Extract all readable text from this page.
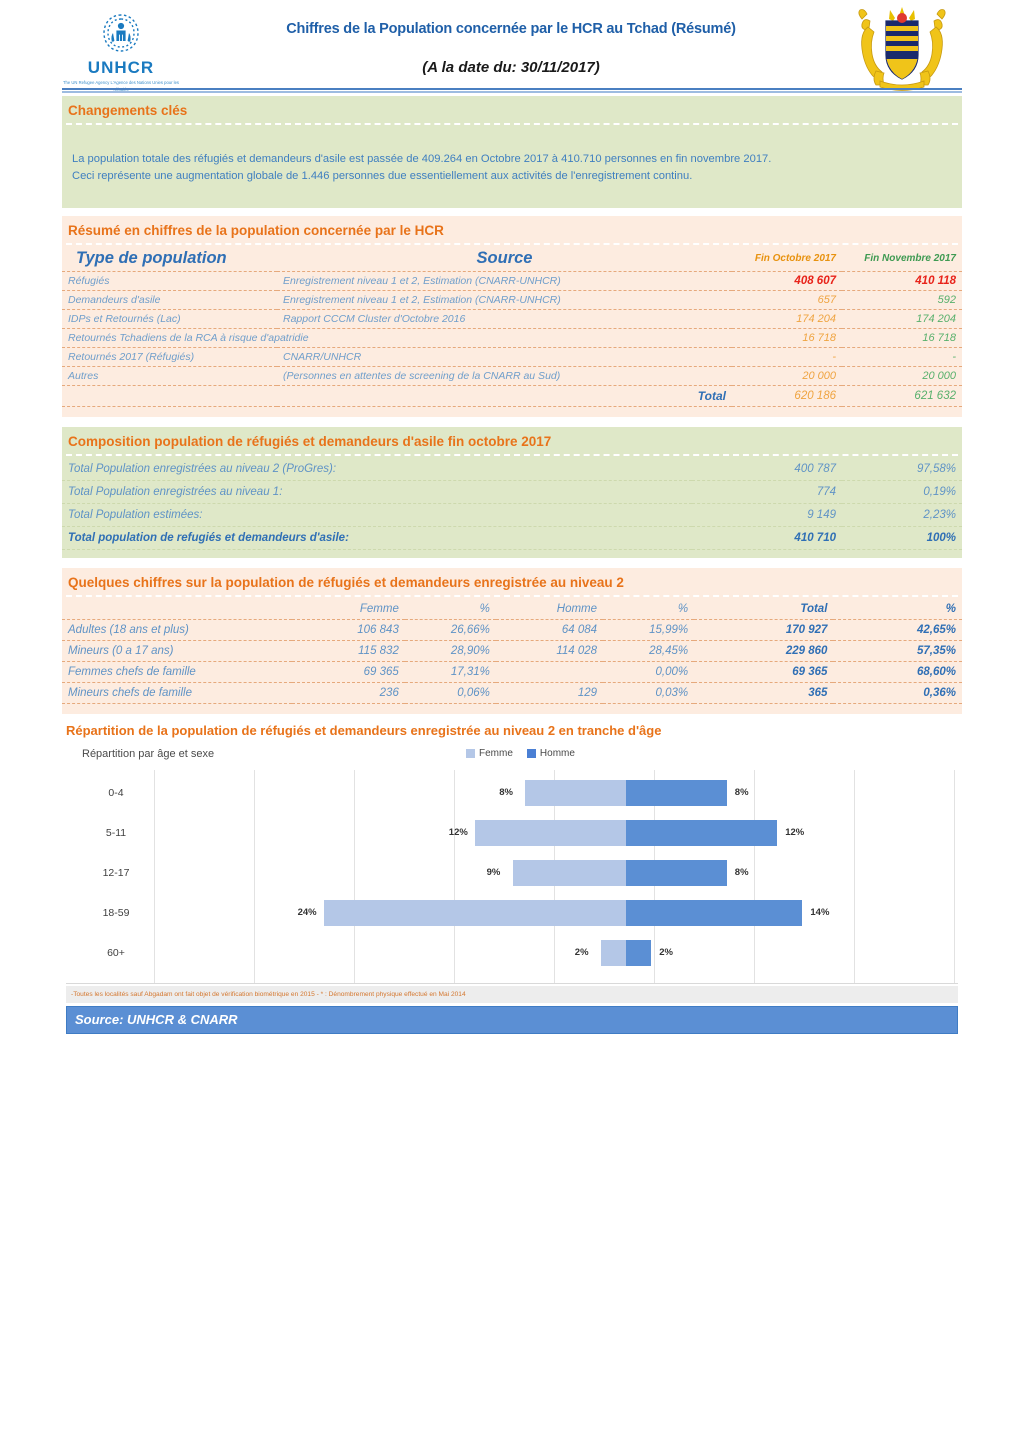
UNHCR
The UN Refugee Agency L'Agence des Nations Unies pour les réfugiés
Chiffres de la Population concernée par le HCR au Tchad (Résumé)
(A la date du: 30/11/2017)
Changements clés
La population totale des réfugiés et demandeurs d'asile est passée de 409.264 en Octobre 2017 à 410.710 personnes en fin novembre 2017.
Ceci représente une augmentation globale de 1.446 personnes due essentiellement aux activités de l'enregistrement continu.
Résumé en chiffres de la population concernée par le HCR
Type de population	Source	Fin Octobre 2017	Fin Novembre 2017
Réfugiés	Enregistrement niveau 1 et 2, Estimation (CNARR-UNHCR)	408 607	410 118
Demandeurs d'asile	Enregistrement niveau 1 et 2, Estimation (CNARR-UNHCR)	657	592
IDPs et Retournés (Lac)	Rapport CCCM Cluster d'Octobre 2016	174 204	174 204
Retournés Tchadiens de la RCA à risque d'apatridie		16 718	16 718
Retournés 2017 (Réfugiés)	CNARR/UNHCR	-	-
Autres	(Personnes en attentes de screening de la CNARR au Sud)	20 000	20 000
Total		620 186	621 632
Composition population de réfugiés et demandeurs d'asile fin octobre 2017
Total Population enregistrées au niveau 2 (ProGres):	400 787	97,58%
Total Population enregistrées au niveau 1:	774	0,19%
Total Population estimées:	9 149	2,23%
Total population de refugiés et demandeurs d'asile:	410 710	100%
Quelques chiffres sur la population de réfugiés et demandeurs enregistrée au niveau 2
	Femme	%	Homme	%	Total	%
Adultes (18 ans et plus)	106 843	26,66%	64 084	15,99%	170 927	42,65%
Mineurs (0 a 17 ans)	115 832	28,90%	114 028	28,45%	229 860	57,35%
Femmes chefs de famille	69 365	17,31%		0,00%	69 365	68,60%
Mineurs chefs de famille	236	0,06%	129	0,03%	365	0,36%
Répartition de la population de réfugiés et demandeurs enregistrée au niveau 2 en tranche d'âge
Répartition par âge et sexe	Femme	Homme
0-4	8%	8%
5-11	12%	12%
12-17	9%	8%
18-59	24%	14%
60+	2%	2%
-Toutes les localités sauf Abgadam ont fait objet de vérification biométrique en 2015 - * : Dénombrement physique effectué en Mai 2014
Source: UNHCR & CNARR
